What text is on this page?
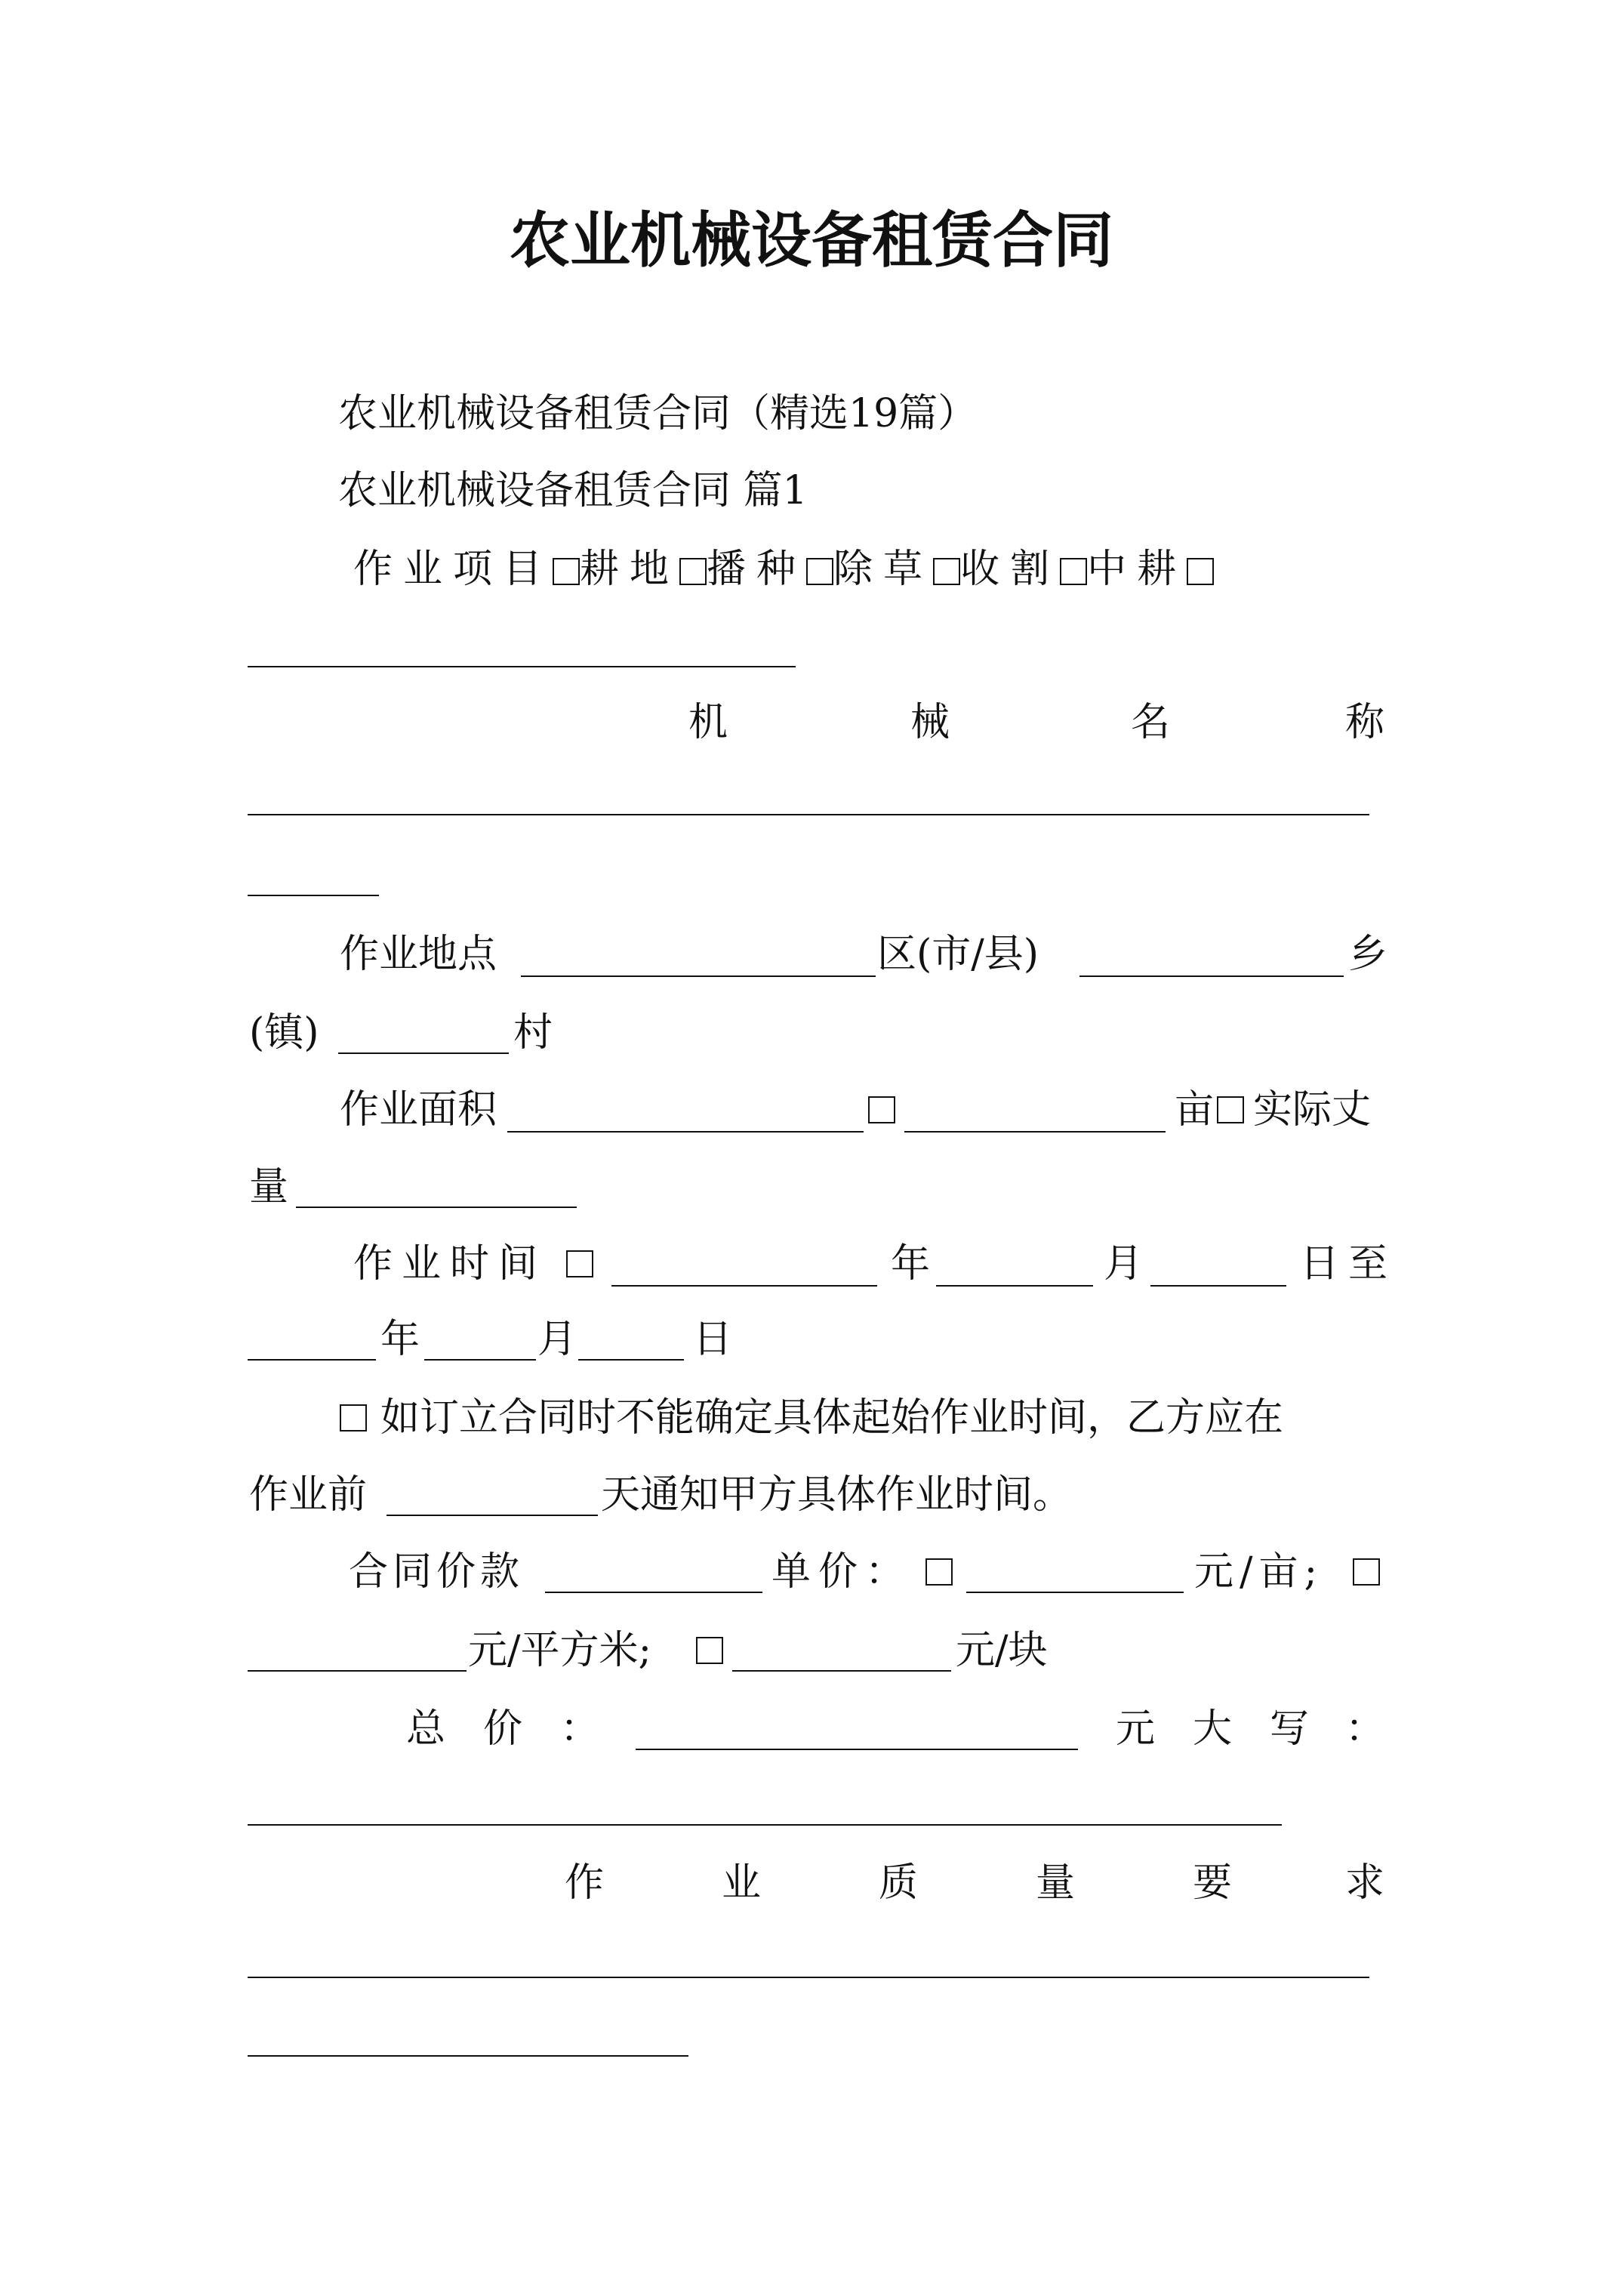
农业机械设备租赁合同
农业机械设备租赁合同（精选19篇）
农业机械设备租赁合同 篇1
作业项目 耕地 播种 除草 收割 中耕
机	械	名	称
作业地点	区(市/县)	乡
(镇)	村
作业面积	亩 实际丈
量
作业时间	年	月	日至
年	月	日
如订立合同时不能确定具体起始作业时间，乙方应在
作业前	天通知甲方具体作业时间。
合同价款	单价：	元/亩;
元/平方米;	元/块
总 价 ：	元 大 写 ：
作	业	质	量	要	求
